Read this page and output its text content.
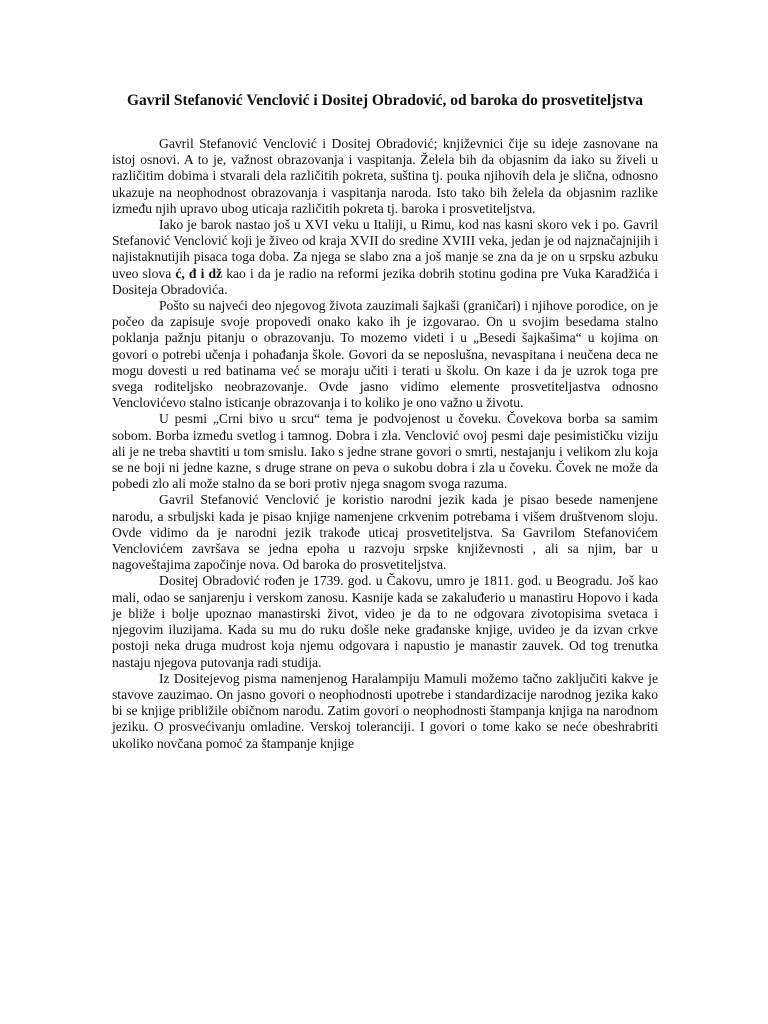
Gavril Stefanović Venclović i Dositej Obradović, od baroka do prosvetiteljstva

Gavril Stefanović Venclović i Dositej Obradović; književnici čije su ideje zasnovane na istoj osnovi. A to je, važnost obrazovanja i vaspitanja. Želela bih da objasnim da iako su živeli u različitim dobima i stvarali dela različitih pokreta, suština tj. pouka njihovih dela je slična, odnosno ukazuje na neophodnost obrazovanja i vaspitanja naroda. Isto tako bih želela da objasnim razlike između njih upravo ubog uticaja različitih pokreta tj. baroka i prosvetiteljstva.

Iako je barok nastao još u XVI veku u Italiji, u Rimu, kod nas kasni skoro vek i po. Gavril Stefanović Venclović koji je živeo od kraja XVII do sredine XVIII veka, jedan je od najznačajnijih i najistaknutijih pisaca toga doba. Za njega se slabo zna a još manje se zna da je on u srpsku azbuku uveo slova ć, đ i dž kao i da je radio na reformi jezika dobrih stotinu godina pre Vuka Karadžića i Dositeja Obradovića.

Pošto su najveći deo njegovog života zauzimali šajkaši (graničari) i njihove porodice, on je počeo da zapisuje svoje propovedi onako kako ih je izgovarao. On u svojim besedama stalno poklanja pažnju pitanju o obrazovanju. To mozemo videti i u „Besedi šajkašima“ u kojima on govori o potrebi učenja i pohađanja škole. Govori da se neposlušna, nevaspitana i neučena deca ne mogu dovesti u red batinama već se moraju učiti i terati u školu. On kaze i da je uzrok toga pre svega roditeljsko neobrazovanje. Ovde jasno vidimo elemente prosvetiteljastva odnosno Venclovićevo stalno isticanje obrazovanja i to koliko je ono važno u životu.

U pesmi „Crni bivo u srcu“ tema je podvojenost u čoveku. Čovekova borba sa samim sobom. Borba između svetlog i tamnog. Dobra i zla. Venclović ovoj pesmi daje pesimističku viziju ali je ne treba shavtiti u tom smislu. Iako s jedne strane govori o smrti, nestajanju i velikom zlu koja se ne boji ni jedne kazne, s druge strane on peva o sukobu dobra i zla u čoveku. Čovek ne može da pobedi zlo ali može stalno da se bori protiv njega snagom svoga razuma.

Gavril Stefanović Venclović je koristio narodni jezik kada je pisao besede namenjene narodu, a srbuljski kada je pisao knjige namenjene crkvenim potrebama i višem društvenom sloju. Ovde vidimo da je narodni jezik trakođe uticaj prosvetiteljstva. Sa Gavrilom Stefanovićem Venclovićem završava se jedna epoha u razvoju srpske književnosti , ali sa njim, bar u nagoveštajima započinje nova. Od baroka do prosvetiteljstva.

Dositej Obradović rođen je 1739. god. u Čakovu, umro je 1811. god. u Beogradu. Još kao mali, odao se sanjarenju i verskom zanosu. Kasnije kada se zakaluđerio u manastiru Hopovo i kada je bliže i bolje upoznao manastirski život, video je da to ne odgovara zivotopisima svetaca i njegovim iluzijama. Kada su mu do ruku došle neke građanske knjige, uvideo je da izvan crkve postoji neka druga mudrost koja njemu odgovara i napustio je manastir zauvek. Od tog trenutka nastaju njegova putovanja radi studija.

Iz Dositejevog pisma namenjenog Haralampiju Mamuli možemo tačno zaključiti kakve je stavove zauzimao. On jasno govori o neophodnosti upotrebe i standardizacije narodnog jezika kako bi se knjige približile običnom narodu. Zatim govori o neophodnosti štampanja knjiga na narodnom jeziku. O prosvećivanju omladine. Verskoj toleranciji. I govori o tome kako se neće obeshrabriti ukoliko novčana pomoć za štampanje knjige
